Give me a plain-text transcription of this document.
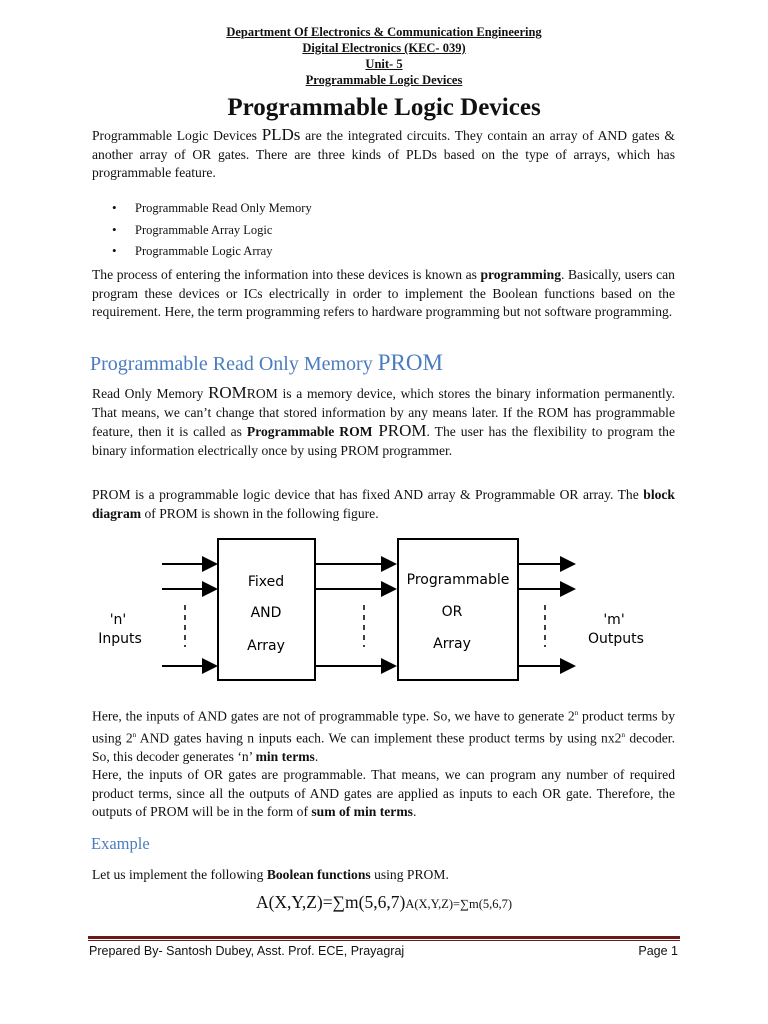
Department Of Electronics & Communication Engineering
Digital Electronics (KEC- 039)
Unit- 5
Programmable Logic Devices
Programmable Logic Devices
Programmable Logic Devices PLDs are the integrated circuits. They contain an array of AND gates & another array of OR gates. There are three kinds of PLDs based on the type of arrays, which has programmable feature.
• Programmable Read Only Memory
• Programmable Array Logic
• Programmable Logic Array
The process of entering the information into these devices is known as programming. Basically, users can program these devices or ICs electrically in order to implement the Boolean functions based on the requirement. Here, the term programming refers to hardware programming but not software programming.
Programmable Read Only Memory PROM
Read Only Memory ROMROM is a memory device, which stores the binary information permanently. That means, we can’t change that stored information by any means later. If the ROM has programmable feature, then it is called as Programmable ROM PROM. The user has the flexibility to program the binary information electrically once by using PROM programmer.
PROM is a programmable logic device that has fixed AND array & Programmable OR array. The block diagram of PROM is shown in the following figure.
'n'
Inputs
Fixed
AND
Array
Programmable
OR
Array
'm'
Outputs
Here, the inputs of AND gates are not of programmable type. So, we have to generate 2$^n$ product terms by using 2$^n$ AND gates having n inputs each. We can implement these product terms by using nx2$^n$ decoder. So, this decoder generates ‘n’ min terms.
Here, the inputs of OR gates are programmable. That means, we can program any number of required product terms, since all the outputs of AND gates are applied as inputs to each OR gate. Therefore, the outputs of PROM will be in the form of sum of min terms.
Example
Let us implement the following Boolean functions using PROM.
A(X,Y,Z)=∑m(5,6,7)A(X,Y,Z)=∑m(5,6,7)
Prepared By- Santosh Dubey, Asst. Prof. ECE, Prayagraj	Page 1
